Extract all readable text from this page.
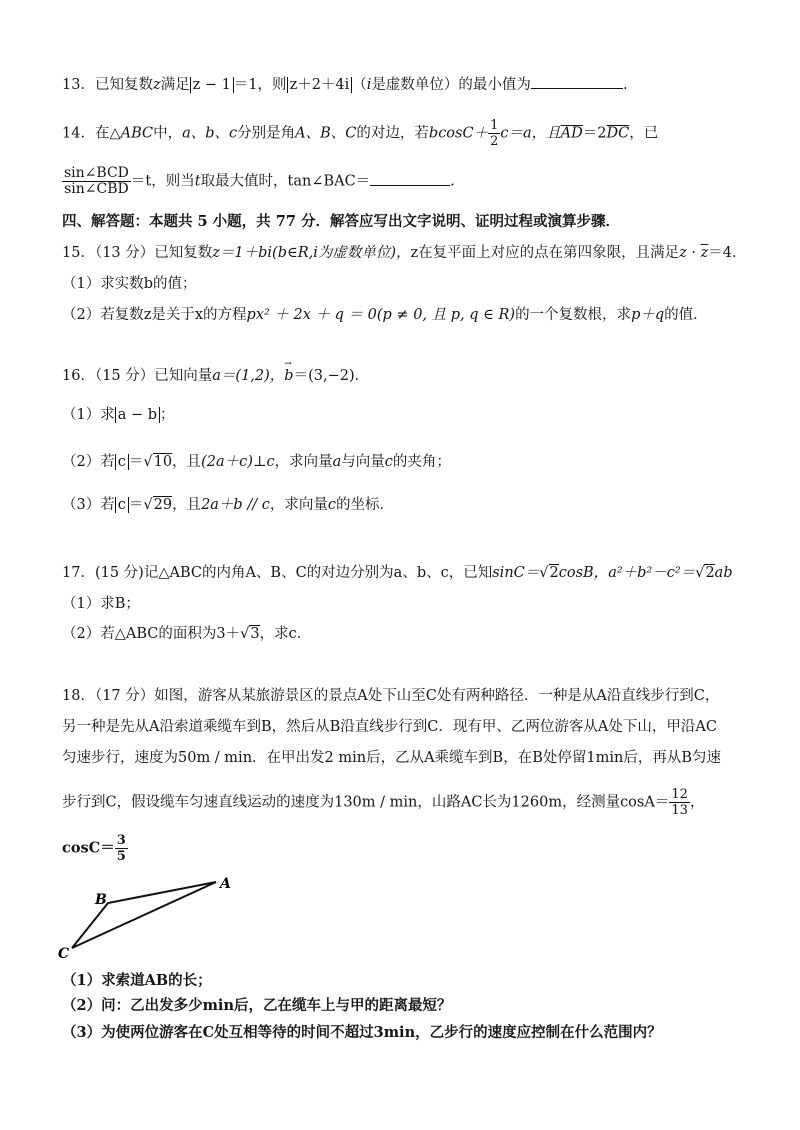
13．已知复数z满足 z − 1 ＝1，则 z＋2＋4i （i是虚数单位）的最小值为	.
14．在△ABC中，a、b、c分别是角A、B、C的对边，若$bcosC+ \frac{1}{2} c=a$，且$\overline{AD}=2\overline{DC}$，已
$\frac{\text{sin∠BCD}}{\text{sin∠CBD}} =t$，则当t取最大值时，tan∠BAC＝	.
四、解答题：本题共 5 小题，共 77 分．解答应写出文字说明、证明过程或演算步骤．
15．（13 分）已知复数z＝1＋bi(b∈R,i为虚数单位)，z在复平面上对应的点在第四象限，且满足$z \cdot \overline{z}=4$．
（1）求实数b的值；
（2）若复数z是关于x的方程px² ＋ 2x ＋ q ＝ 0(p ≠ 0, 且 p, q ∈ R)的一个复数根，求p＋q的值．
16．（15 分）已知向量a＝(1,2)，→ b＝(3,−2)．
（1）求 a − b ；
（2）若 c ＝√10，且(2a＋c)⊥c，求向量a与向量c的夹角；
（3）若 c ＝√29，且2a＋b // c，求向量c的坐标．
17．(15 分)记△ABC的内角A、B、C的对边分别为a、b、c，已知sinC＝√2cosB，a²＋b²－c²＝√2ab
（1）求B；
（2）若△ABC的面积为3＋√3，求c．
18．（17 分）如图，游客从某旅游景区的景点A处下山至C处有两种路径．一种是从A沿直线步行到C，
另一种是先从A沿索道乘缆车到B，然后从B沿直线步行到C．现有甲、乙两位游客从A处下山，甲沿AC
匀速步行，速度为50m / min．在甲出发2 min后，乙从A乘缆车到B，在B处停留1min后，再从B匀速
步行到C，假设缆车匀速直线运动的速度为130m / min，山路AC长为1260m，经测量$\cos A= \frac{12}{13}$ ，
$\cos C= \frac{3}{5}$
A
B
C
（1）求索道AB的长；
（2）问：乙出发多少min后，乙在缆车上与甲的距离最短？
（3）为使两位游客在C处互相等待的时间不超过3min，乙步行的速度应控制在什么范围内？
